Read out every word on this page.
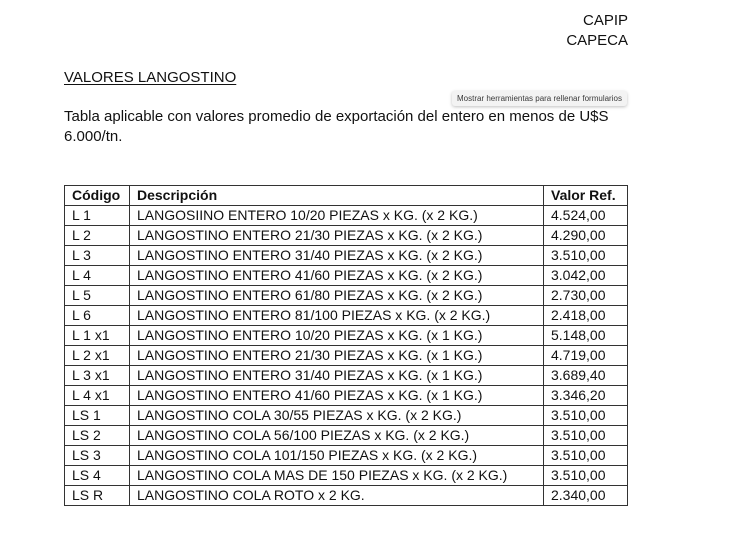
CAPIP
CAPECA
VALORES LANGOSTINO
Mostrar herramientas para rellenar formularios
Tabla aplicable con valores promedio de exportación del entero en menos de U$S 6.000/tn.
Código	Descripción	Valor Ref.
L 1	LANGOSIINO ENTERO 10/20 PIEZAS x KG. (x 2 KG.)	4.524,00
L 2	LANGOSTINO ENTERO 21/30 PIEZAS x KG. (x 2 KG.)	4.290,00
L 3	LANGOSTINO ENTERO 31/40 PIEZAS x KG. (x 2 KG.)	3.510,00
L 4	LANGOSTINO ENTERO 41/60 PIEZAS x KG. (x 2 KG.)	3.042,00
L 5	LANGOSTINO ENTERO 61/80 PIEZAS x KG. (x 2 KG.)	2.730,00
L 6	LANGOSTINO ENTERO 81/100 PIEZAS x KG. (x 2 KG.)	2.418,00
L 1 x1	LANGOSTINO ENTERO 10/20 PIEZAS x KG. (x 1 KG.)	5.148,00
L 2 x1	LANGOSTINO ENTERO 21/30 PIEZAS x KG. (x 1 KG.)	4.719,00
L 3 x1	LANGOSTINO ENTERO 31/40 PIEZAS x KG. (x 1 KG.)	3.689,40
L 4 x1	LANGOSTINO ENTERO 41/60 PIEZAS x KG. (x 1 KG.)	3.346,20
LS 1	LANGOSTINO COLA 30/55 PIEZAS x KG. (x 2 KG.)	3.510,00
LS 2	LANGOSTINO COLA 56/100 PIEZAS x KG. (x 2 KG.)	3.510,00
LS 3	LANGOSTINO COLA 101/150 PIEZAS x KG. (x 2 KG.)	3.510,00
LS 4	LANGOSTINO COLA MAS DE 150 PIEZAS x KG. (x 2 KG.)	3.510,00
LS R	LANGOSTINO COLA ROTO x 2 KG.	2.340,00
